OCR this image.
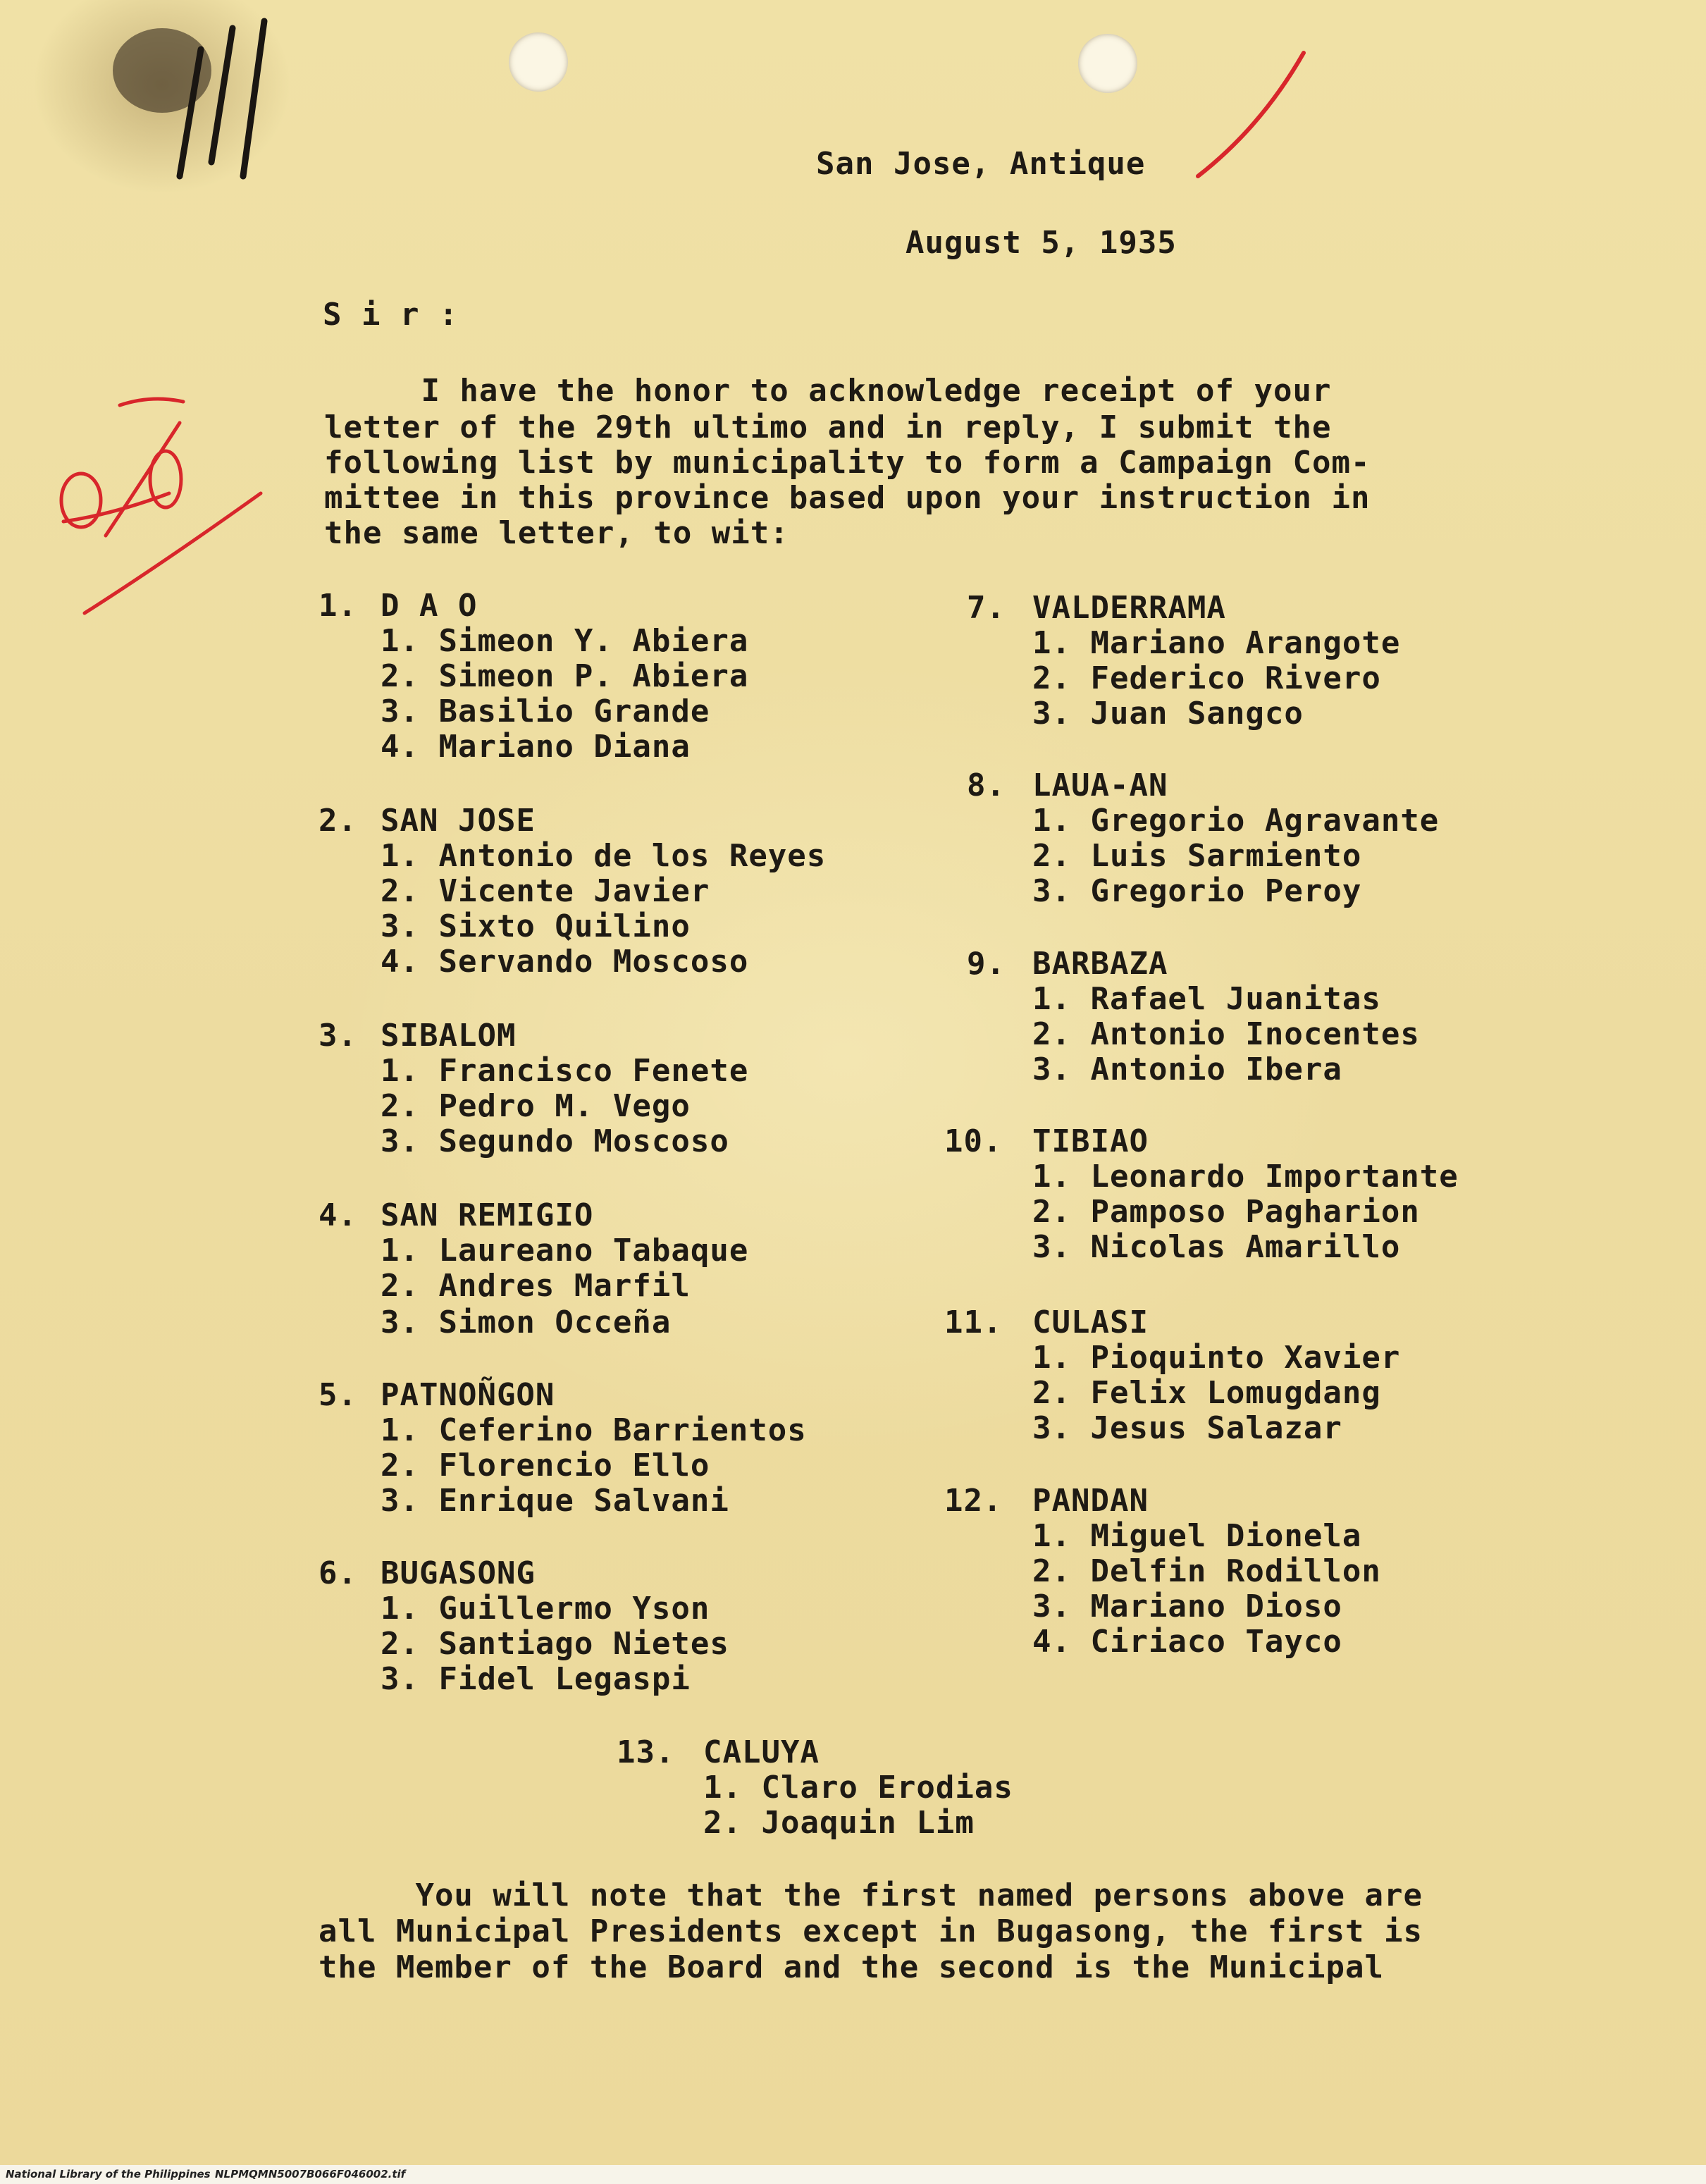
San Jose, Antique
August 5, 1935
S i r :
I have the honor to acknowledge receipt of your
letter of the 29th ultimo and in reply, I submit the
following list by municipality to form a Campaign Com-
mittee in this province based upon your instruction in
the same letter, to wit:
1. D A O
1. Simeon Y. Abiera
2. Simeon P. Abiera
3. Basilio Grande
4. Mariano Diana
2. SAN JOSE
1. Antonio de los Reyes
2. Vicente Javier
3. Sixto Quilino
4. Servando Moscoso
3. SIBALOM
1. Francisco Fenete
2. Pedro M. Vego
3. Segundo Moscoso
4. SAN REMIGIO
1. Laureano Tabaque
2. Andres Marfil
3. Simon Occeña
5. PATNOÑGON
1. Ceferino Barrientos
2. Florencio Ello
3. Enrique Salvani
6. BUGASONG
1. Guillermo Yson
2. Santiago Nietes
3. Fidel Legaspi
7. VALDERRAMA
1. Mariano Arangote
2. Federico Rivero
3. Juan Sangco
8. LAUA-AN
1. Gregorio Agravante
2. Luis Sarmiento
3. Gregorio Peroy
9. BARBAZA
1. Rafael Juanitas
2. Antonio Inocentes
3. Antonio Ibera
10. TIBIAO
1. Leonardo Importante
2. Pamposo Pagharion
3. Nicolas Amarillo
11. CULASI
1. Pioquinto Xavier
2. Felix Lomugdang
3. Jesus Salazar
12. PANDAN
1. Miguel Dionela
2. Delfin Rodillon
3. Mariano Dioso
4. Ciriaco Tayco
13. CALUYA
1. Claro Erodias
2. Joaquin Lim
You will note that the first named persons above are
all Municipal Presidents except in Bugasong, the first is
the Member of the Board and the second is the Municipal
National Library of the Philippines NLPMQMN5007B066F046002.tif
